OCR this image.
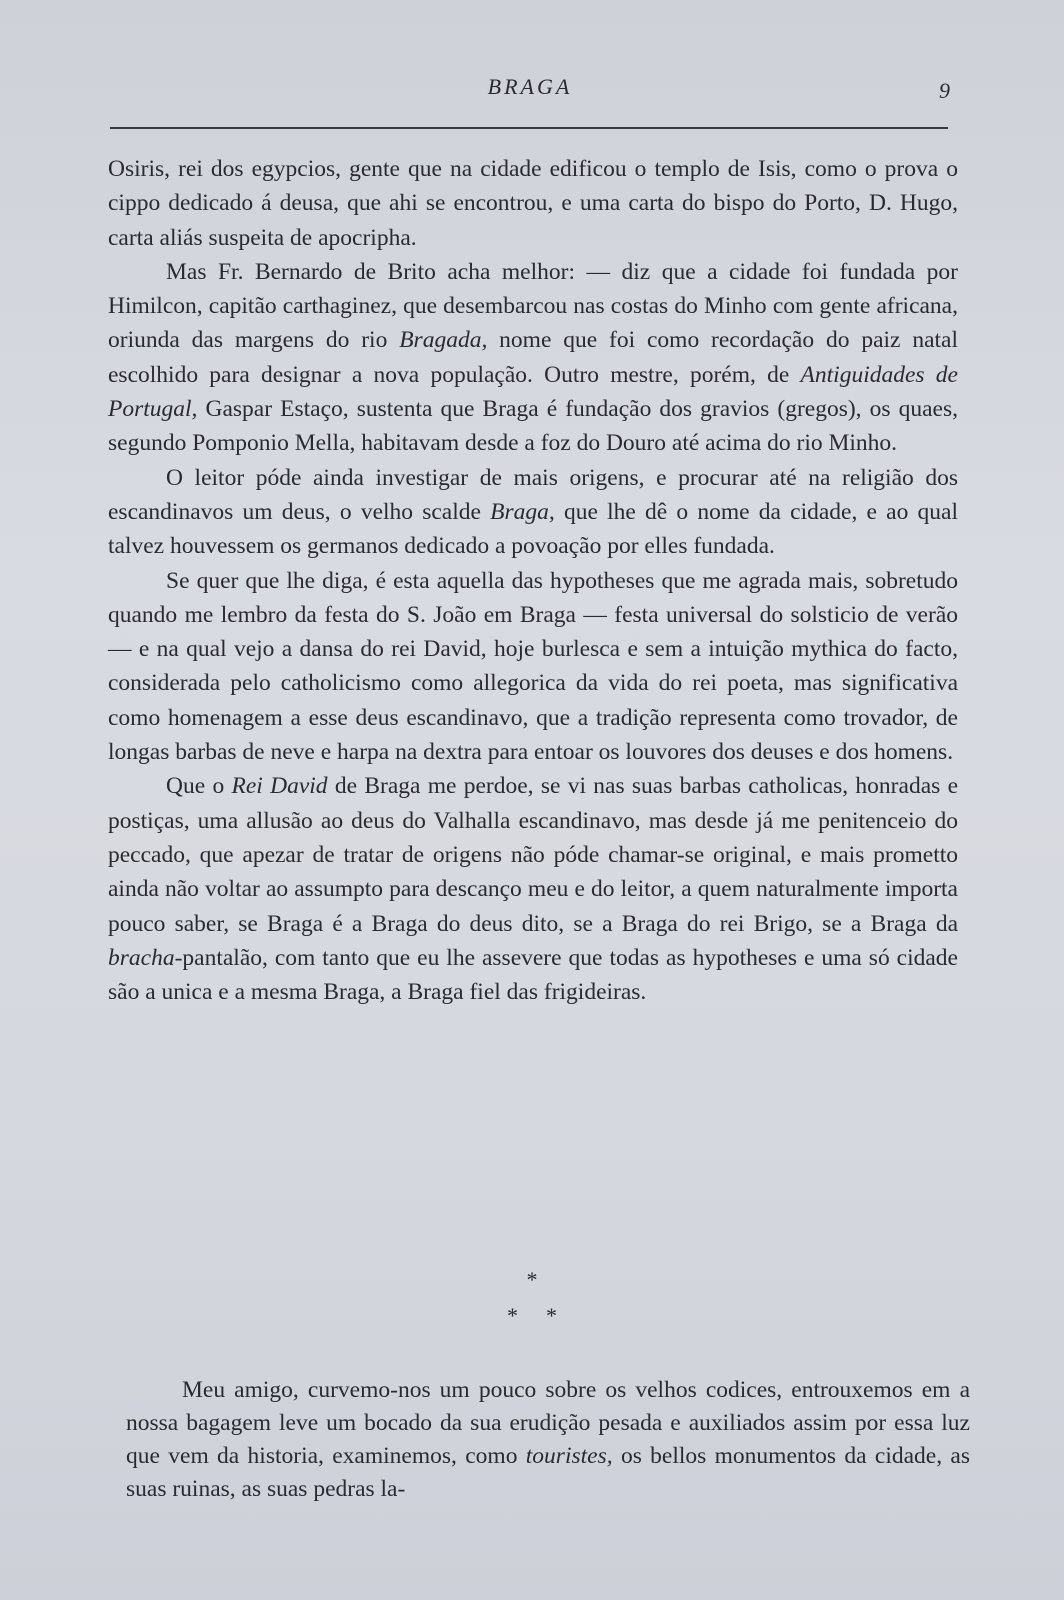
BRAGA	9

Osiris, rei dos egypcios, gente que na cidade edificou o templo de Isis, como o prova o cippo dedicado á deusa, que ahi se encontrou, e uma carta do bispo do Porto, D. Hugo, carta aliás suspeita de apocripha.

Mas Fr. Bernardo de Brito acha melhor: — diz que a cidade foi fundada por Himilcon, capitão carthaginez, que desembarcou nas costas do Minho com gente africana, oriunda das margens do rio Bragada, nome que foi como recordação do paiz natal escolhido para designar a nova população. Outro mestre, porém, de Antiguidades de Portugal, Gaspar Estaço, sustenta que Braga é fundação dos gravios (gregos), os quaes, segundo Pomponio Mella, habitavam desde a foz do Douro até acima do rio Minho.

O leitor póde ainda investigar de mais origens, e procurar até na religião dos escandinavos um deus, o velho scalde Braga, que lhe dê o nome da cidade, e ao qual talvez houvessem os germanos dedicado a povoação por elles fundada.

Se quer que lhe diga, é esta aquella das hypotheses que me agrada mais, sobretudo quando me lembro da festa do S. João em Braga — festa universal do solsticio de verão — e na qual vejo a dansa do rei David, hoje burlesca e sem a intuição mythica do facto, considerada pelo catholicismo como allegorica da vida do rei poeta, mas significativa como homenagem a esse deus escandinavo, que a tradição representa como trovador, de longas barbas de neve e harpa na dextra para entoar os louvores dos deuses e dos homens.

Que o Rei David de Braga me perdoe, se vi nas suas barbas catholicas, honradas e postiças, uma allusão ao deus do Valhalla escandinavo, mas desde já me penitenceio do peccado, que apezar de tratar de origens não póde chamar-se original, e mais prometto ainda não voltar ao assumpto para descanço meu e do leitor, a quem naturalmente importa pouco saber, se Braga é a Braga do deus dito, se a Braga do rei Brigo, se a Braga da bracha-pantalão, com tanto que eu lhe assevere que todas as hypotheses e uma só cidade são a unica e a mesma Braga, a Braga fiel das frigideiras.

*
* *

Meu amigo, curvemo-nos um pouco sobre os velhos codices, entrouxemos em a nossa bagagem leve um bocado da sua erudição pesada e auxiliados assim por essa luz que vem da historia, examinemos, como touristes, os bellos monumentos da cidade, as suas ruinas, as suas pedras la-
